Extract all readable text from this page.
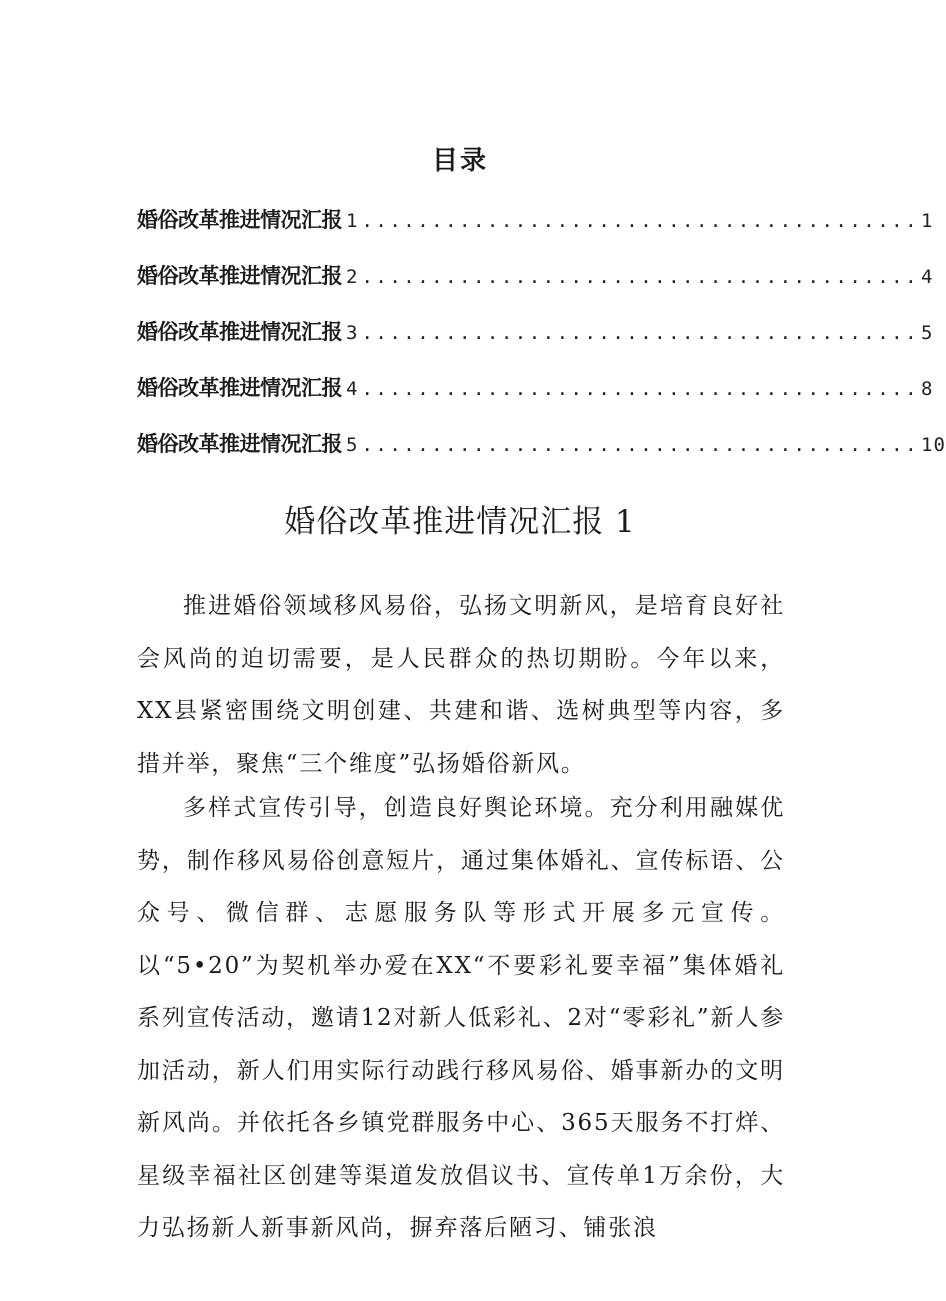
目录
婚俗改革推进情况汇报 1 ........................................ 1
婚俗改革推进情况汇报 2 ........................................ 4
婚俗改革推进情况汇报 3 ........................................ 5
婚俗改革推进情况汇报 4 ........................................ 8
婚俗改革推进情况汇报 5 ........................................ 10
婚俗改革推进情况汇报 1

推进婚俗领域移风易俗，弘扬文明新风，是培育良好社会风尚的迫切需要，是人民群众的热切期盼。今年以来，XX县紧密围绕文明创建、共建和谐、选树典型等内容，多措并举，聚焦“三个维度”弘扬婚俗新风。

多样式宣传引导，创造良好舆论环境。充分利用融媒优势，制作移风易俗创意短片，通过集体婚礼、宣传标语、公众号、微信群、志愿服务队等形式开展多元宣传。以“5•20”为契机举办爱在XX“不要彩礼要幸福”集体婚礼系列宣传活动，邀请12对新人低彩礼、2对“零彩礼”新人参加活动，新人们用实际行动践行移风易俗、婚事新办的文明新风尚。并依托各乡镇党群服务中心、365天服务不打烊、星级幸福社区创建等渠道发放倡议书、宣传单1万余份，大力弘扬新人新事新风尚，摒弃落后陋习、铺张浪
